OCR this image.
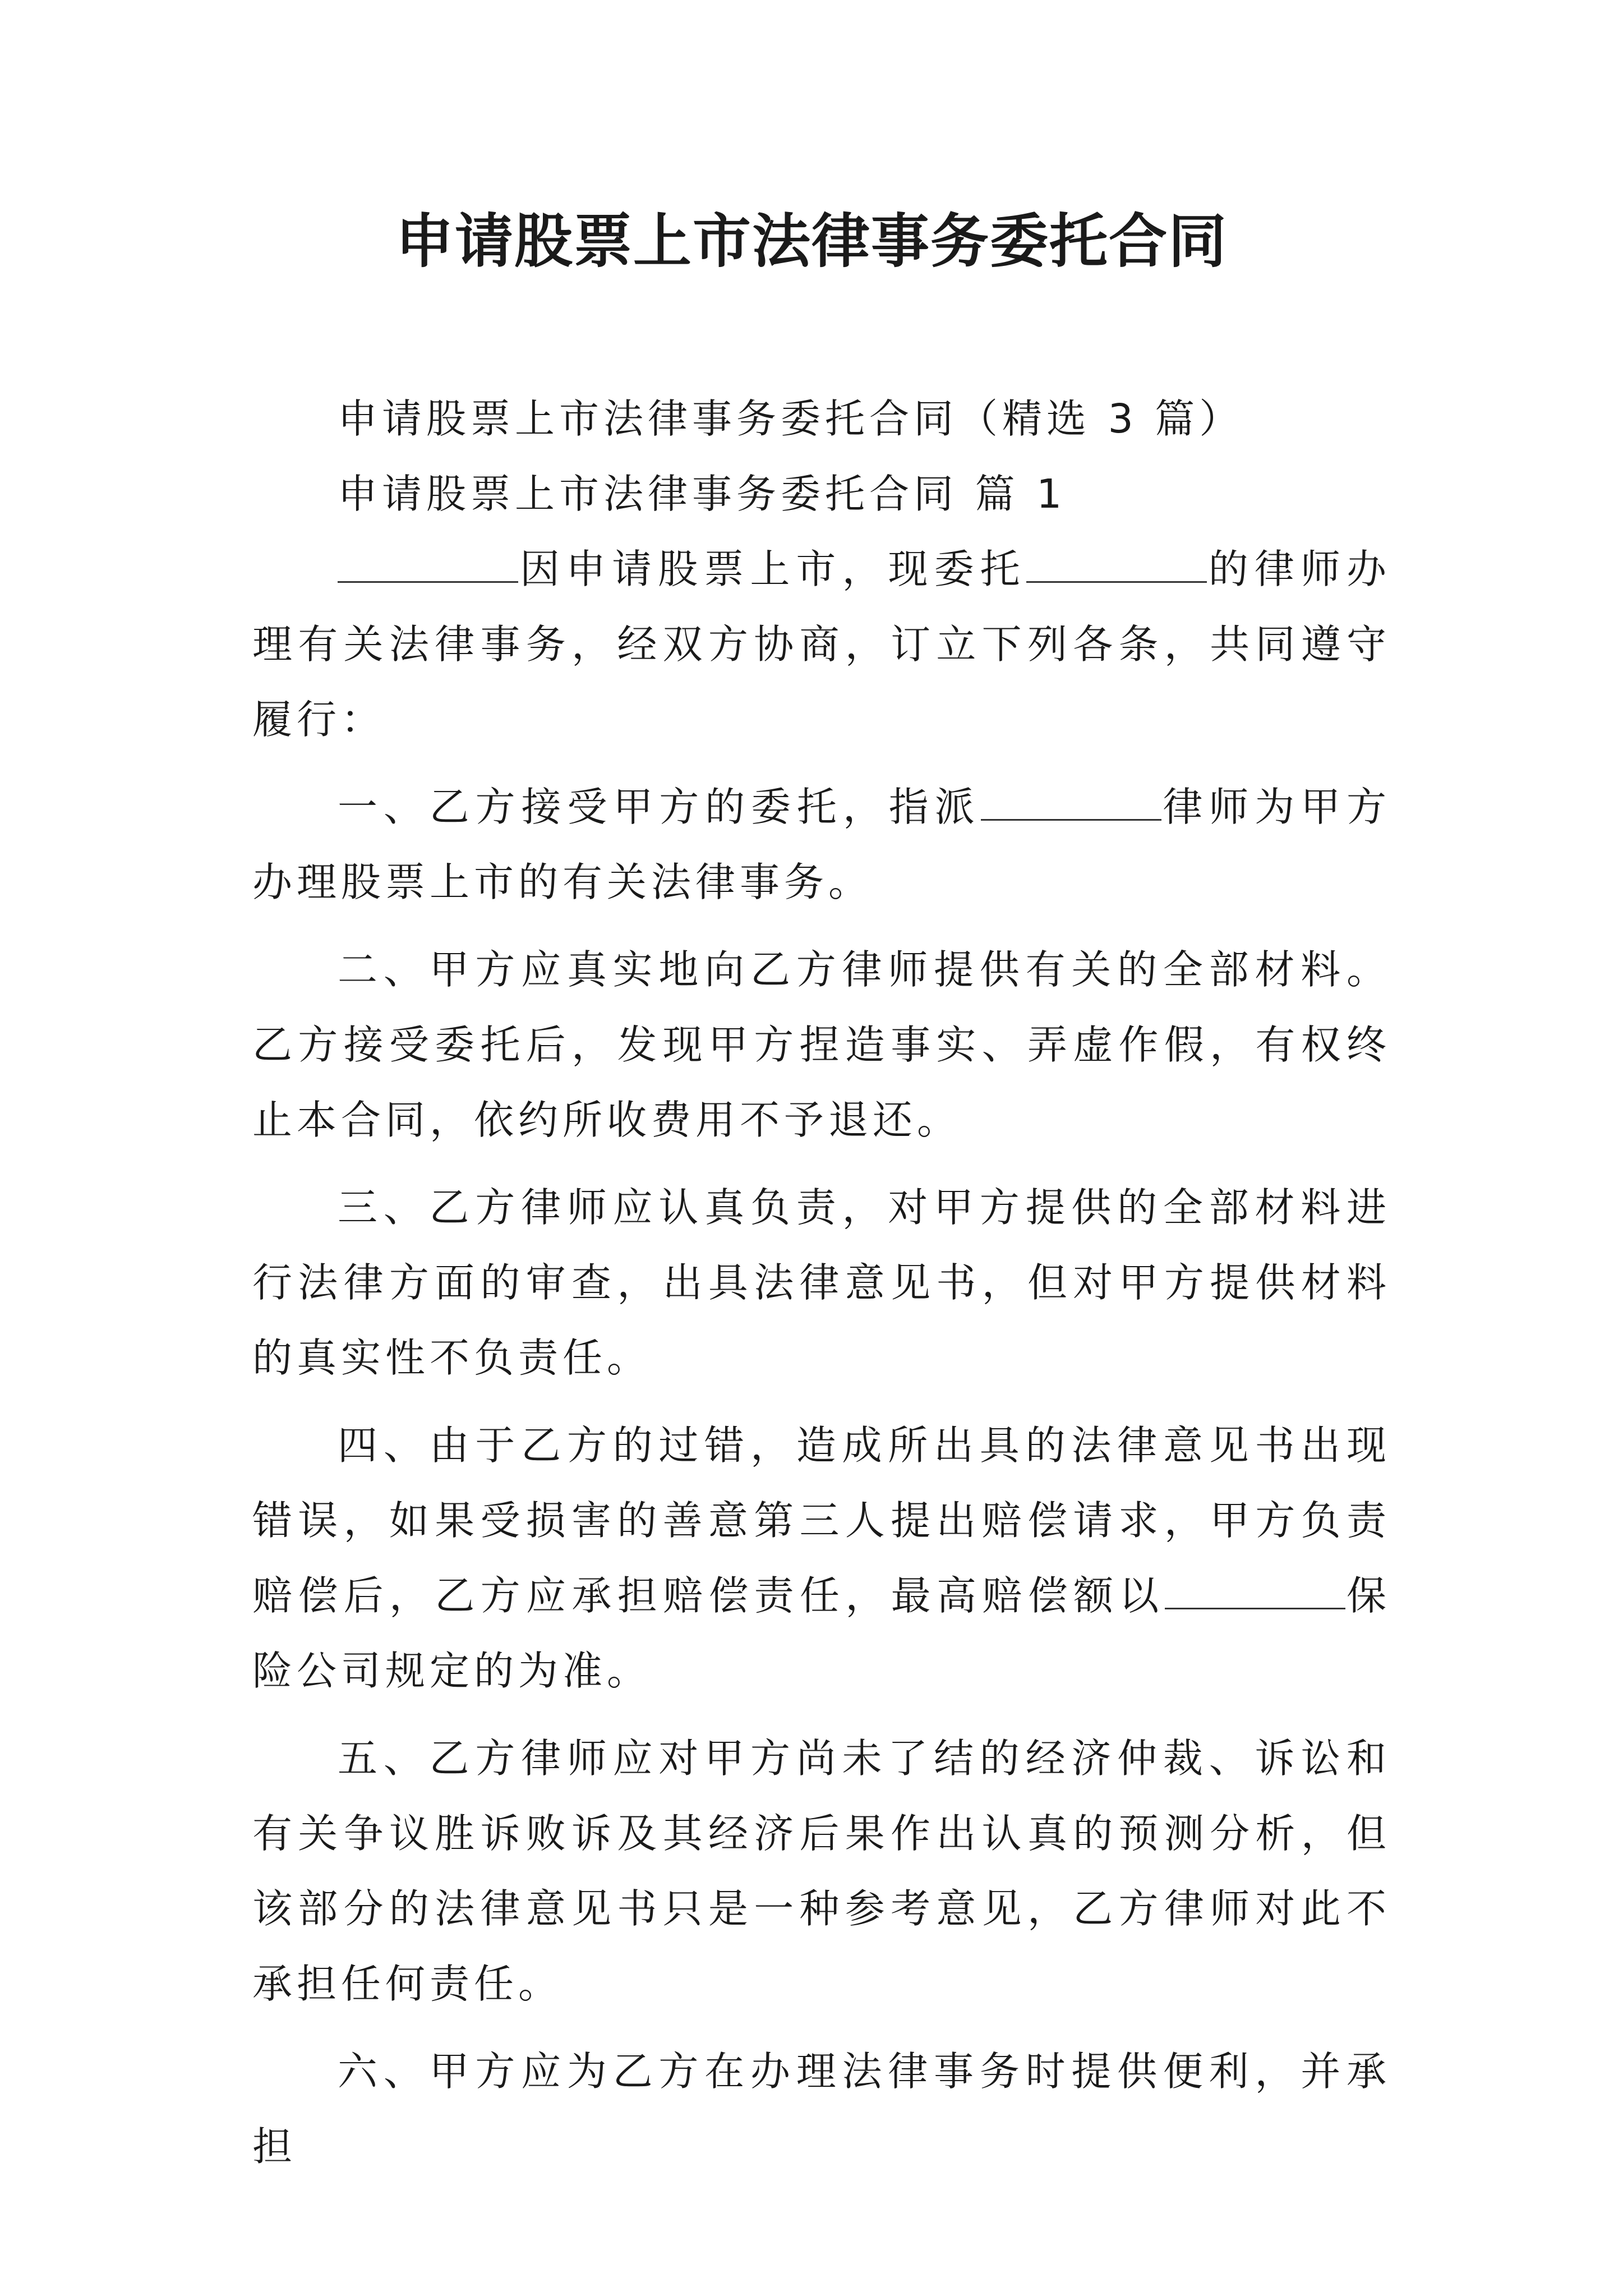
申请股票上市法律事务委托合同

申请股票上市法律事务委托合同（精选 3 篇）

申请股票上市法律事务委托合同 篇 1

因申请股票上市，现委托	的律师办理有关法律事务，经双方协商，订立下列各条，共同遵守履行：

一、乙方接受甲方的委托，指派	律师为甲方办理股票上市的有关法律事务。

二、甲方应真实地向乙方律师提供有关的全部材料。乙方接受委托后，发现甲方捏造事实、弄虚作假，有权终止本合同，依约所收费用不予退还。

三、乙方律师应认真负责，对甲方提供的全部材料进行法律方面的审查，出具法律意见书，但对甲方提供材料的真实性不负责任。

四、由于乙方的过错，造成所出具的法律意见书出现错误，如果受损害的善意第三人提出赔偿请求，甲方负责赔偿后，乙方应承担赔偿责任，最高赔偿额以	保险公司规定的为准。

五、乙方律师应对甲方尚未了结的经济仲裁、诉讼和有关争议胜诉败诉及其经济后果作出认真的预测分析，但该部分的法律意见书只是一种参考意见，乙方律师对此不承担任何责任。

六、甲方应为乙方在办理法律事务时提供便利，并承担
